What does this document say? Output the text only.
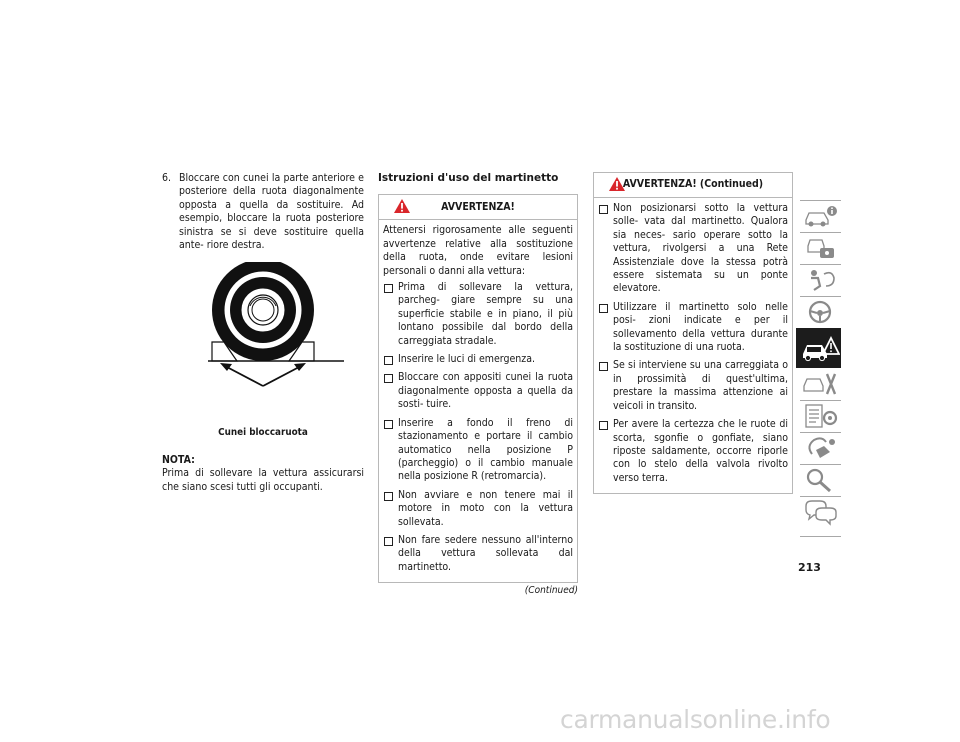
6. Bloccare con cunei la parte anteriore e posteriore della ruota diagonalmente opposta a quella da sostituire. Ad esempio, bloccare la ruota posteriore sinistra se si deve sostituire quella ante- riore destra.
Cunei bloccaruota
NOTA:
Prima di sollevare la vettura assicurarsi che siano scesi tutti gli occupanti.
Istruzioni d'uso del martinetto
AVVERTENZA!

Attenersi rigorosamente alle seguenti avvertenze relative alla sostituzione della ruota, onde evitare lesioni personali o danni alla vettura:

Prima di sollevare la vettura, parcheg- giare sempre su una superficie stabile e in piano, il più lontano possibile dal bordo della carreggiata stradale.
Inserire le luci di emergenza.
Bloccare con appositi cunei la ruota diagonalmente opposta a quella da sosti- tuire.
Inserire a fondo il freno di stazionamento e portare il cambio automatico nella posizione P (parcheggio) o il cambio manuale nella posizione R (retromarcia).
Non avviare e non tenere mai il motore in moto con la vettura sollevata.
Non fare sedere nessuno all'interno della vettura sollevata dal martinetto.
(Continued)
AVVERTENZA! (Continued)
Non posizionarsi sotto la vettura solle- vata dal martinetto. Qualora sia neces- sario operare sotto la vettura, rivolgersi a una Rete Assistenziale dove la stessa potrà essere sistemata su un ponte elevatore.
Utilizzare il martinetto solo nelle posi- zioni indicate e per il sollevamento della vettura durante la sostituzione di una ruota.
Se si interviene su una carreggiata o in prossimità di quest'ultima, prestare la massima attenzione ai veicoli in transito.
Per avere la certezza che le ruote di scorta, sgonfie o gonfiate, siano riposte saldamente, occorre riporle con lo stelo della valvola rivolto verso terra.
213
carmanualsonline.info
